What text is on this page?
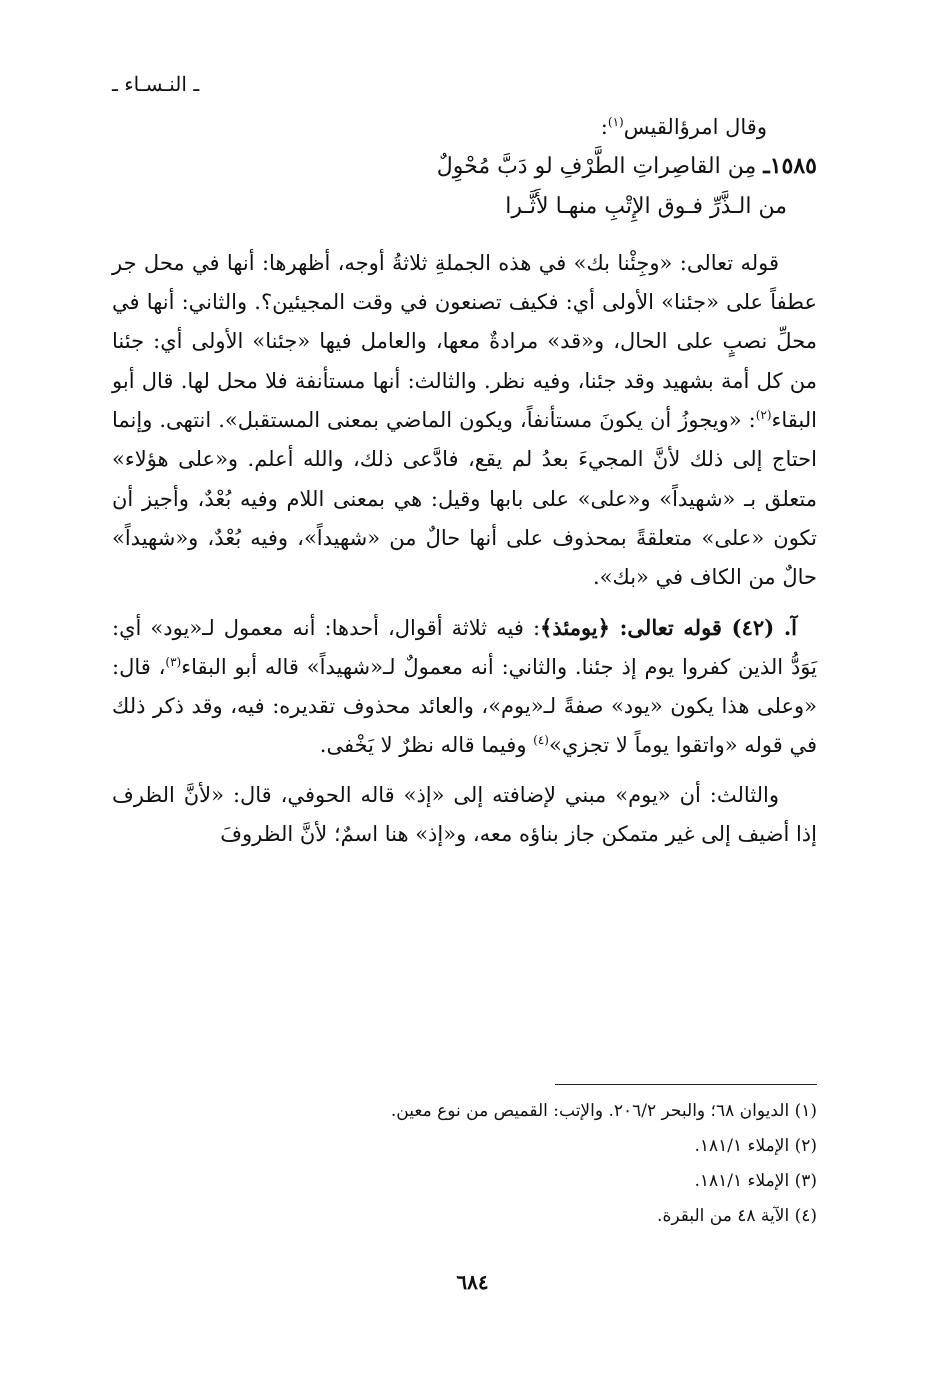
ـ النـسـاء ـ

وقال امرؤالقيس$^{(١)}$:

١٥٨٥ـ مِن القاصِراتِ الطَّرْفِ لو دَبَّ مُحْوِلٌ

من الـذَّرِّ فـوق الإِتْبِ منهـا لأَثَّـرا

قوله تعالى: «وجِئْنا بك» في هذه الجملةِ ثلاثةُ أوجه، أظهرها: أنها في محل جر عطفاً على «جئنا» الأولى أي: فكيف تصنعون في وقت المجيئين؟. والثاني: أنها في محلِّ نصبٍ على الحال، و«قد» مرادةٌ معها، والعامل فيها «جئنا» الأولى أي: جئنا من كل أمة بشهيد وقد جئنا، وفيه نظر. والثالث: أنها مستأنفة فلا محل لها. قال أبو البقاء$^{(٢)}$: «ويجوزُ أن يكونَ مستأنفاً، ويكون الماضي بمعنى المستقبل». انتهى. وإنما احتاج إلى ذلك لأنَّ المجيءَ بعدُ لم يقع، فادَّعى ذلك، والله أعلم. و«على هؤلاء» متعلق بـ «شهيداً» و«على» على بابها وقيل: هي بمعنى اللام وفيه بُعْدٌ، وأجيز أن تكون «على» متعلقةً بمحذوف على أنها حالٌ من «شهيداً»، وفيه بُعْدٌ، و«شهيداً» حالٌ من الكاف في «بك».

آ. (٤٢) قوله تعالى: ﴿يومئذ﴾: فيه ثلاثة أقوال، أحدها: أنه معمول لـ«يود» أي: يَوَدُّ الذين كفروا يوم إذ جئنا. والثاني: أنه معمولٌ لـ«شهيداً» قاله أبو البقاء$^{(٣)}$، قال: «وعلى هذا يكون «يود» صفةً لـ«يوم»، والعائد محذوف تقديره: فيه، وقد ذكر ذلك في قوله «واتقوا يوماً لا تجزي»$^{(٤)}$ وفيما قاله نظرٌ لا يَخْفى.

والثالث: أن «يوم» مبني لإضافته إلى «إذ» قاله الحوفي، قال: «لأنَّ الظرف إذا أضيف إلى غير متمكن جاز بناؤه معه، و«إذ» هنا اسمٌ؛ لأنَّ الظروفَ

(١) الديوان ٦٨؛ والبحر ٢٠٦/٢. والإتب: القميص من نوع معين.
(٢) الإملاء ١٨١/١.
(٣) الإملاء ١٨١/١.
(٤) الآية ٤٨ من البقرة.
٦٨٤
